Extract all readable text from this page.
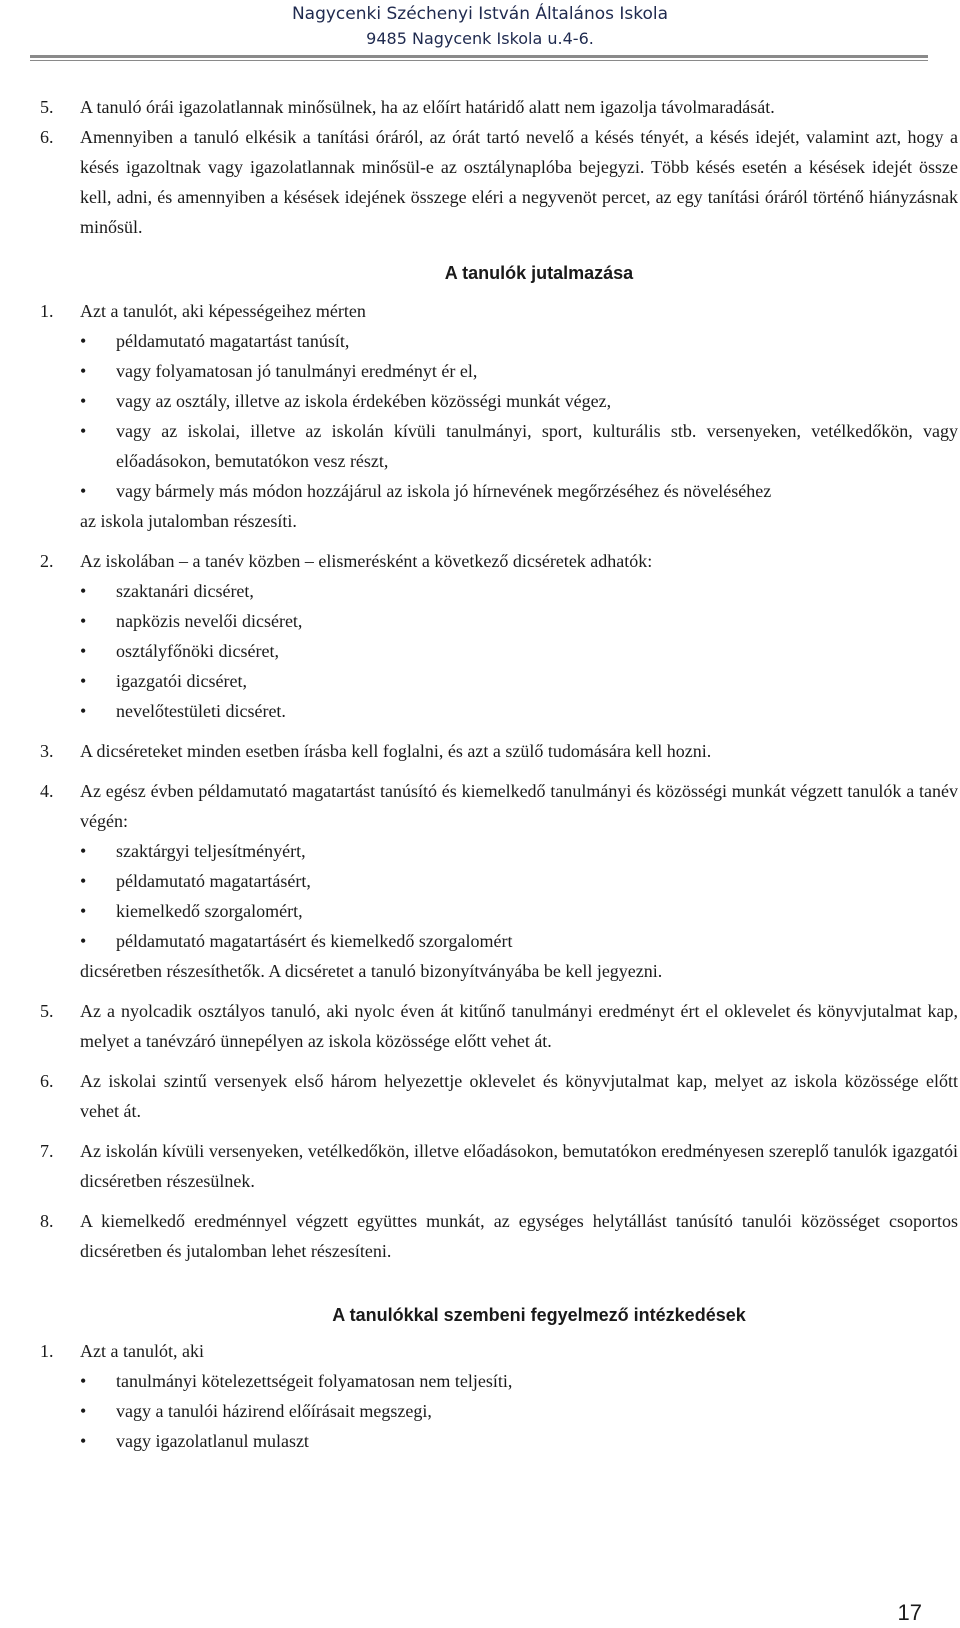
Nagycenki Széchenyi István Általános Iskola
9485 Nagycenk Iskola u.4-6.
5. A tanuló órái igazolatlannak minősülnek, ha az előírt határidő alatt nem igazolja távolmaradását.
6. Amennyiben a tanuló elkésik a tanítási óráról, az órát tartó nevelő a késés tényét, a késés idejét, valamint azt, hogy a késés igazoltnak vagy igazolatlannak minősül-e az osztálynaplóba bejegyzi. Több késés esetén a késések idejét össze kell, adni, és amennyiben a késések idejének összege eléri a negyvenöt percet, az egy tanítási óráról történő hiányzásnak minősül.
A tanulók jutalmazása
1. Azt a tanulót, aki képességeihez mérten
• példamutató magatartást tanúsít,
• vagy folyamatosan jó tanulmányi eredményt ér el,
• vagy az osztály, illetve az iskola érdekében közösségi munkát végez,
• vagy az iskolai, illetve az iskolán kívüli tanulmányi, sport, kulturális stb. versenyeken, vetélkedőkön, vagy előadásokon, bemutatókon vesz részt,
• vagy bármely más módon hozzájárul az iskola jó hírnevének megőrzéséhez és növeléséhez
az iskola jutalomban részesíti.
2. Az iskolában – a tanév közben – elismerésként a következő dicséretek adhatók:
• szaktanári dicséret,
• napközis nevelői dicséret,
• osztályfőnöki dicséret,
• igazgatói dicséret,
• nevelőtestületi dicséret.
3. A dicséreteket minden esetben írásba kell foglalni, és azt a szülő tudomására kell hozni.
4. Az egész évben példamutató magatartást tanúsító és kiemelkedő tanulmányi és közösségi munkát végzett tanulók a tanév végén:
• szaktárgyi teljesítményért,
• példamutató magatartásért,
• kiemelkedő szorgalomért,
• példamutató magatartásért és kiemelkedő szorgalomért
dicséretben részesíthetők. A dicséretet a tanuló bizonyítványába be kell jegyezni.
5. Az a nyolcadik osztályos tanuló, aki nyolc éven át kitűnő tanulmányi eredményt ért el oklevelet és könyvjutalmat kap, melyet a tanévzáró ünnepélyen az iskola közössége előtt vehet át.
6. Az iskolai szintű versenyek első három helyezettje oklevelet és könyvjutalmat kap, melyet az iskola közössége előtt vehet át.
7. Az iskolán kívüli versenyeken, vetélkedőkön, illetve előadásokon, bemutatókon eredményesen szereplő tanulók igazgatói dicséretben részesülnek.
8. A kiemelkedő eredménnyel végzett együttes munkát, az egységes helytállást tanúsító tanulói közösséget csoportos dicséretben és jutalomban lehet részesíteni.
A tanulókkal szembeni fegyelmező intézkedések
1. Azt a tanulót, aki
• tanulmányi kötelezettségeit folyamatosan nem teljesíti,
• vagy a tanulói házirend előírásait megszegi,
• vagy igazolatlanul mulaszt
17
